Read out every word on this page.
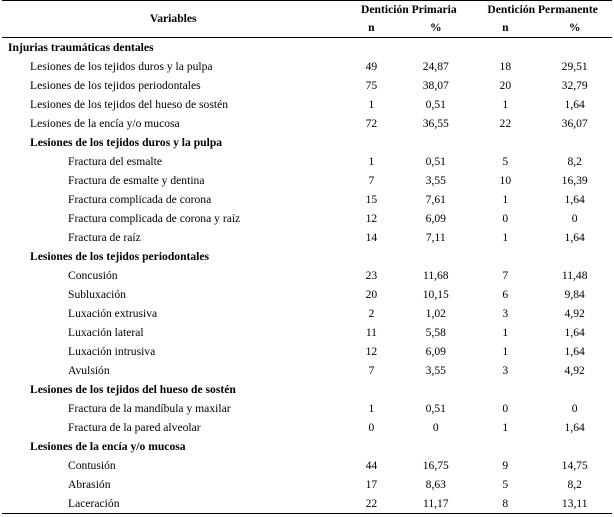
Variables	Dentición Primaria		Dentición Permanente	
	n	%	n	%
Injurias traumáticas dentales				
Lesiones de los tejidos duros y la pulpa	49	24,87	18	29,51
Lesiones de los tejidos periodontales	75	38,07	20	32,79
Lesiones de los tejidos del hueso de sostén	1	0,51	1	1,64
Lesiones de la encía y/o mucosa	72	36,55	22	36,07
Lesiones de los tejidos duros y la pulpa				
Fractura del esmalte	1	0,51	5	8,2
Fractura de esmalte y dentina	7	3,55	10	16,39
Fractura complicada de corona	15	7,61	1	1,64
Fractura complicada de corona y raíz	12	6,09	0	0
Fractura de raíz	14	7,11	1	1,64
Lesiones de los tejidos periodontales				
Concusión	23	11,68	7	11,48
Subluxación	20	10,15	6	9,84
Luxación extrusiva	2	1,02	3	4,92
Luxación lateral	11	5,58	1	1,64
Luxación intrusiva	12	6,09	1	1,64
Avulsión	7	3,55	3	4,92
Lesiones de los tejidos del hueso de sostén				
Fractura de la mandíbula y maxilar	1	0,51	0	0
Fractura de la pared alveolar	0	0	1	1,64
Lesiones de la encía y/o mucosa				
Contusión	44	16,75	9	14,75
Abrasión	17	8,63	5	8,2
Laceración	22	11,17	8	13,11
